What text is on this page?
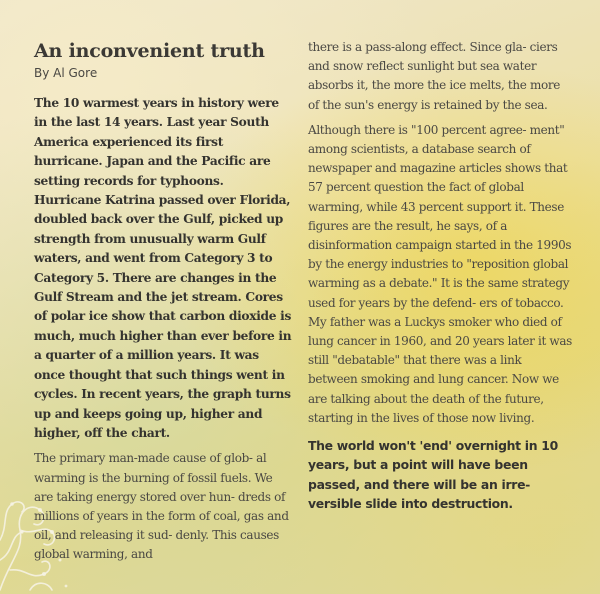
An inconvenient truth

By Al Gore

The 10 warmest years in history were in the last 14 years. Last year South America experienced its first hurricane. Japan and the Pacific are setting records for typhoons. Hurricane Katrina passed over Florida, doubled back over the Gulf, picked up strength from unusually warm Gulf waters, and went from Category 3 to Category 5. There are changes in the Gulf Stream and the jet stream. Cores of polar ice show that carbon dioxide is much, much higher than ever before in a quarter of a million years. It was once thought that such things went in cycles. In recent years, the graph turns up and keeps going up, higher and higher, off the chart.

The primary man-made cause of glob- al warming is the burning of fossil fuels. We are taking energy stored over hun- dreds of millions of years in the form of coal, gas and oil, and releasing it sud- denly. This causes global warming, and

there is a pass-along effect. Since gla- ciers and snow reflect sunlight but sea water absorbs it, the more the ice melts, the more of the sun's energy is retained by the sea.

Although there is "100 percent agree- ment" among scientists, a database search of newspaper and magazine articles shows that 57 percent question the fact of global warming, while 43 percent support it. These figures are the result, he says, of a disinformation campaign started in the 1990s by the energy industries to "reposition global warming as a debate." It is the same strategy used for years by the defend- ers of tobacco. My father was a Luckys smoker who died of lung cancer in 1960, and 20 years later it was still "debatable" that there was a link between smoking and lung cancer. Now we are talking about the death of the future, starting in the lives of those now living.

The world won't 'end' overnight in 10 years, but a point will have been passed, and there will be an irre- versible slide into destruction.
